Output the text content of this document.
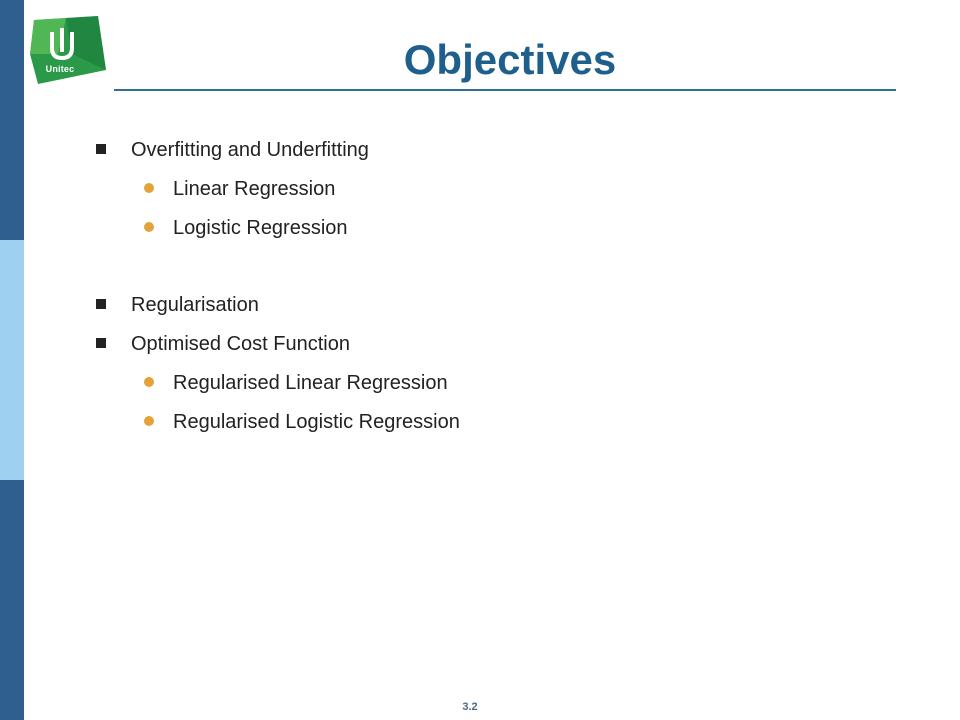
Unitec	Objectives
Overfitting and Underfitting
Linear Regression
Logistic Regression
Regularisation
Optimised Cost Function
Regularised Linear Regression
Regularised Logistic Regression
3.2
